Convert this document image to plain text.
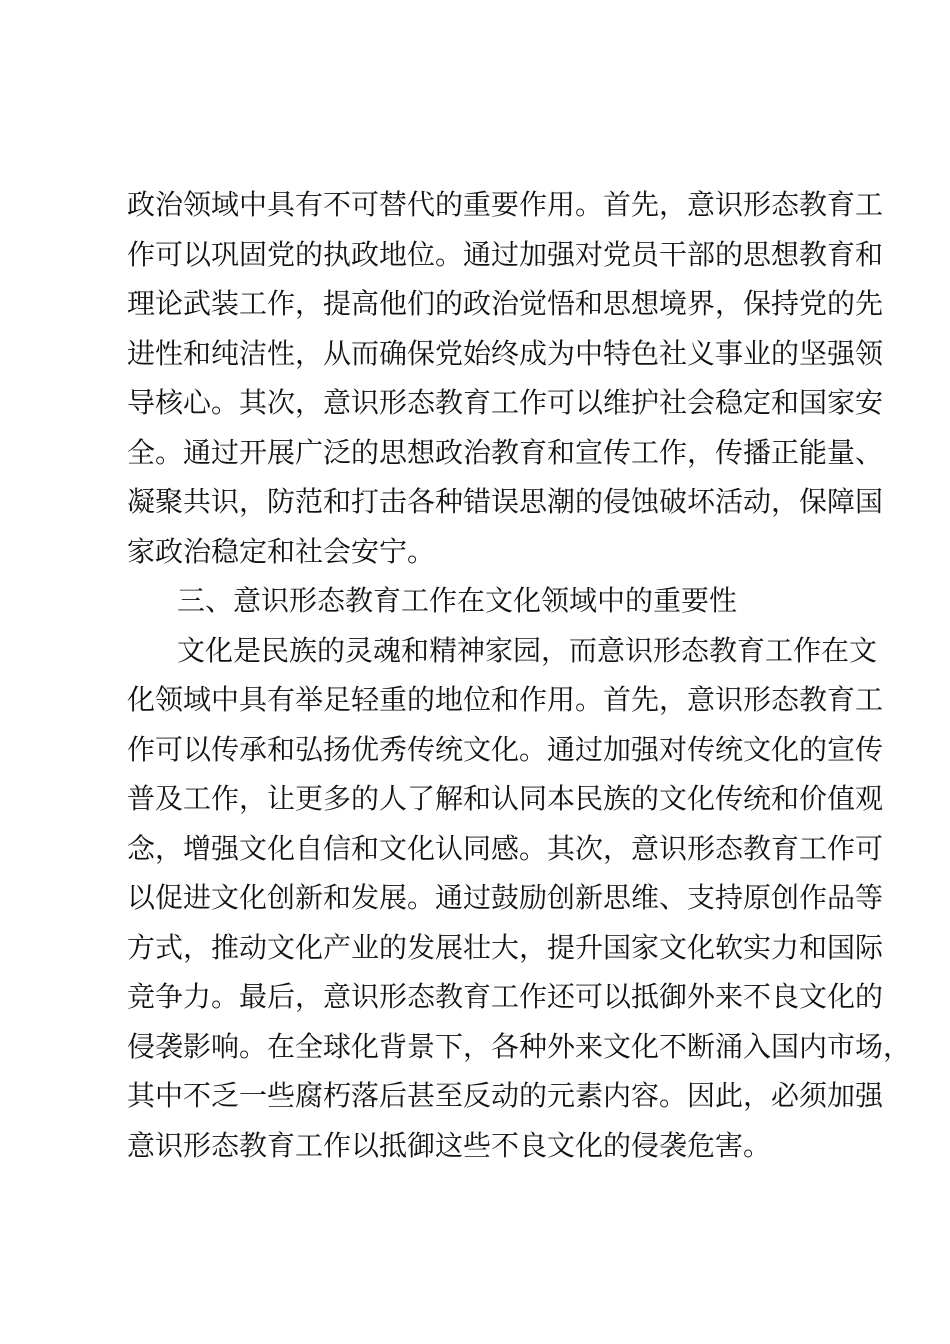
政治领域中具有不可替代的重要作用。首先，意识形态教育工
作可以巩固党的执政地位。通过加强对党员干部的思想教育和
理论武装工作，提高他们的政治觉悟和思想境界，保持党的先
进性和纯洁性，从而确保党始终成为中特色社义事业的坚强领
导核心。其次，意识形态教育工作可以维护社会稳定和国家安
全。通过开展广泛的思想政治教育和宣传工作，传播正能量、
凝聚共识，防范和打击各种错误思潮的侵蚀破坏活动，保障国
家政治稳定和社会安宁。
三、意识形态教育工作在文化领域中的重要性
文化是民族的灵魂和精神家园，而意识形态教育工作在文
化领域中具有举足轻重的地位和作用。首先，意识形态教育工
作可以传承和弘扬优秀传统文化。通过加强对传统文化的宣传
普及工作，让更多的人了解和认同本民族的文化传统和价值观
念，增强文化自信和文化认同感。其次，意识形态教育工作可
以促进文化创新和发展。通过鼓励创新思维、支持原创作品等
方式，推动文化产业的发展壮大，提升国家文化软实力和国际
竞争力。最后，意识形态教育工作还可以抵御外来不良文化的
侵袭影响。在全球化背景下，各种外来文化不断涌入国内市场，
其中不乏一些腐朽落后甚至反动的元素内容。因此，必须加强
意识形态教育工作以抵御这些不良文化的侵袭危害。
